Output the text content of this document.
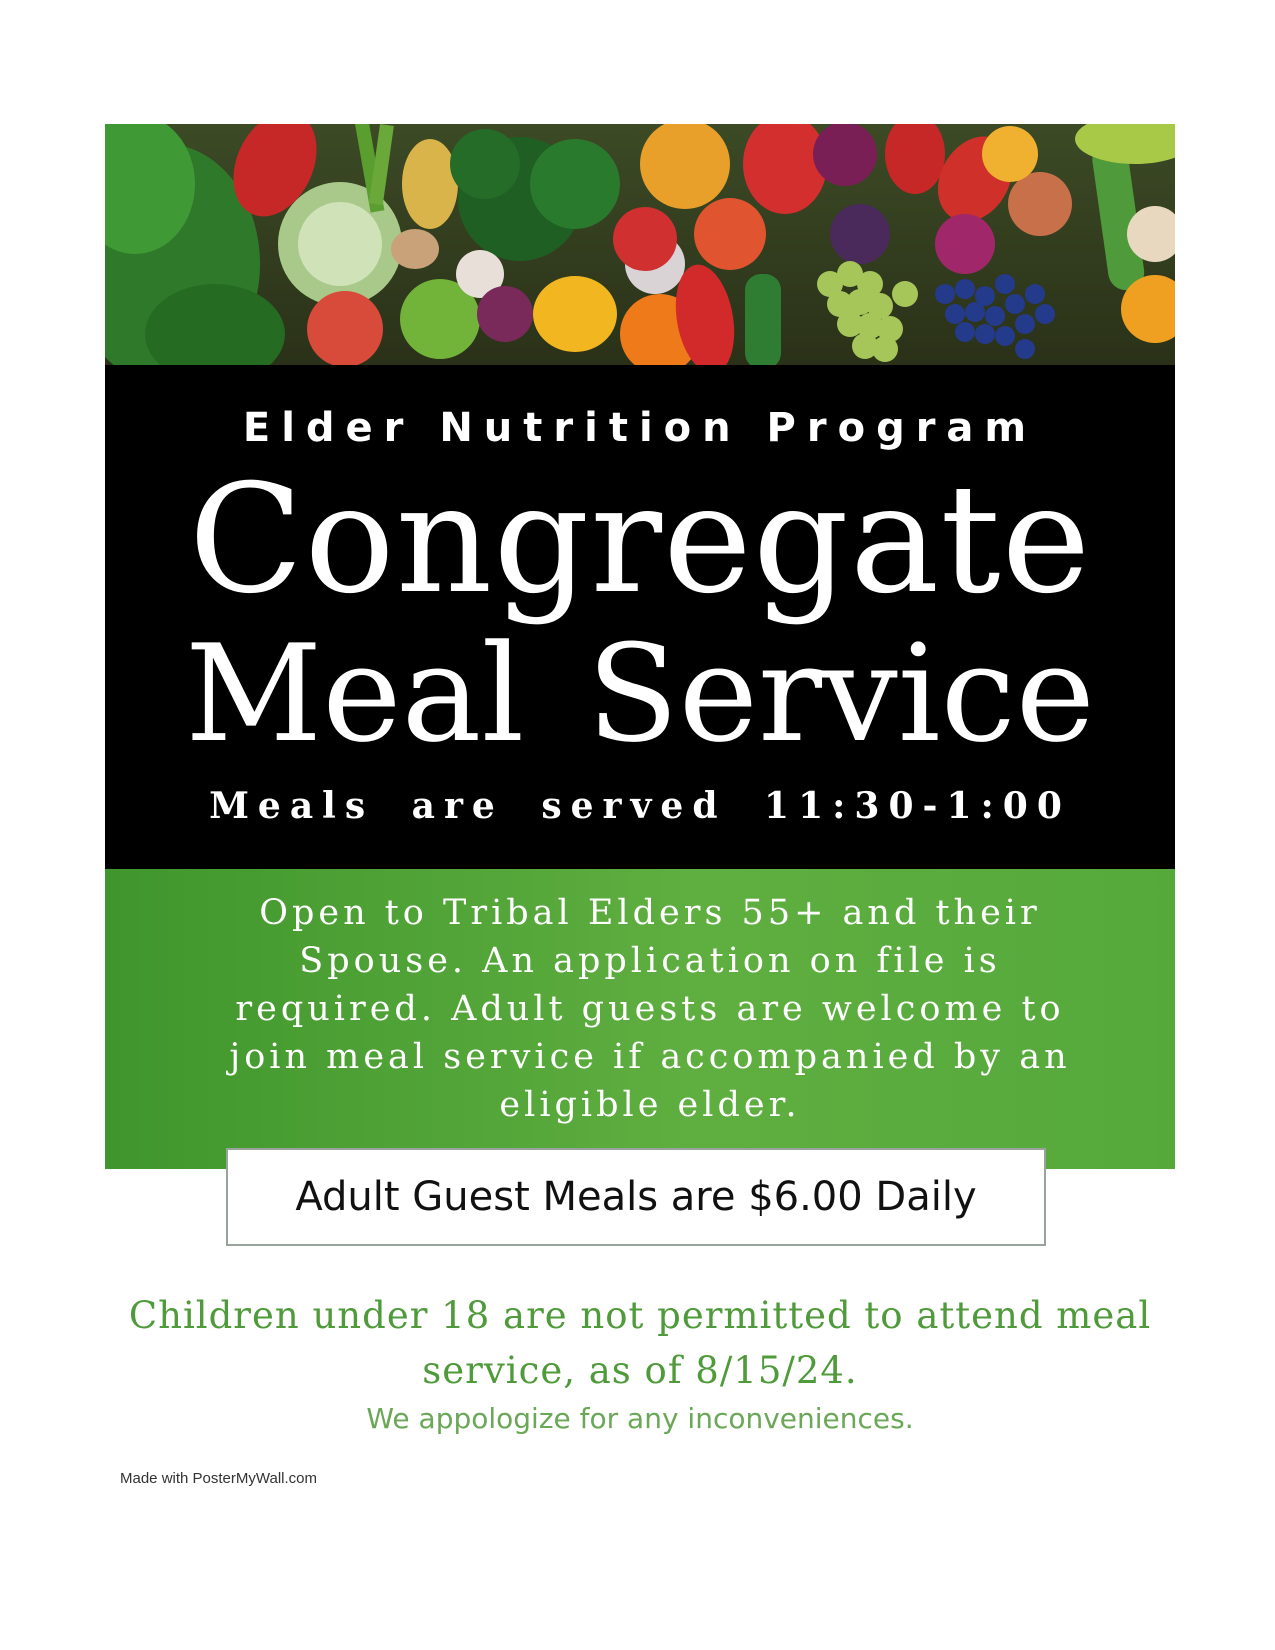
Elder Nutrition Program
Congregate
Meal Service
Meals are served 11:30-1:00
Open to Tribal Elders 55+ and their Spouse. An application on file is required. Adult guests are welcome to join meal service if accompanied by an eligible elder.
Adult Guest Meals are $6.00 Daily
Children under 18 are not permitted to attend meal service, as of 8/15/24.
We appologize for any inconveniences.
Made with PosterMyWall.com
